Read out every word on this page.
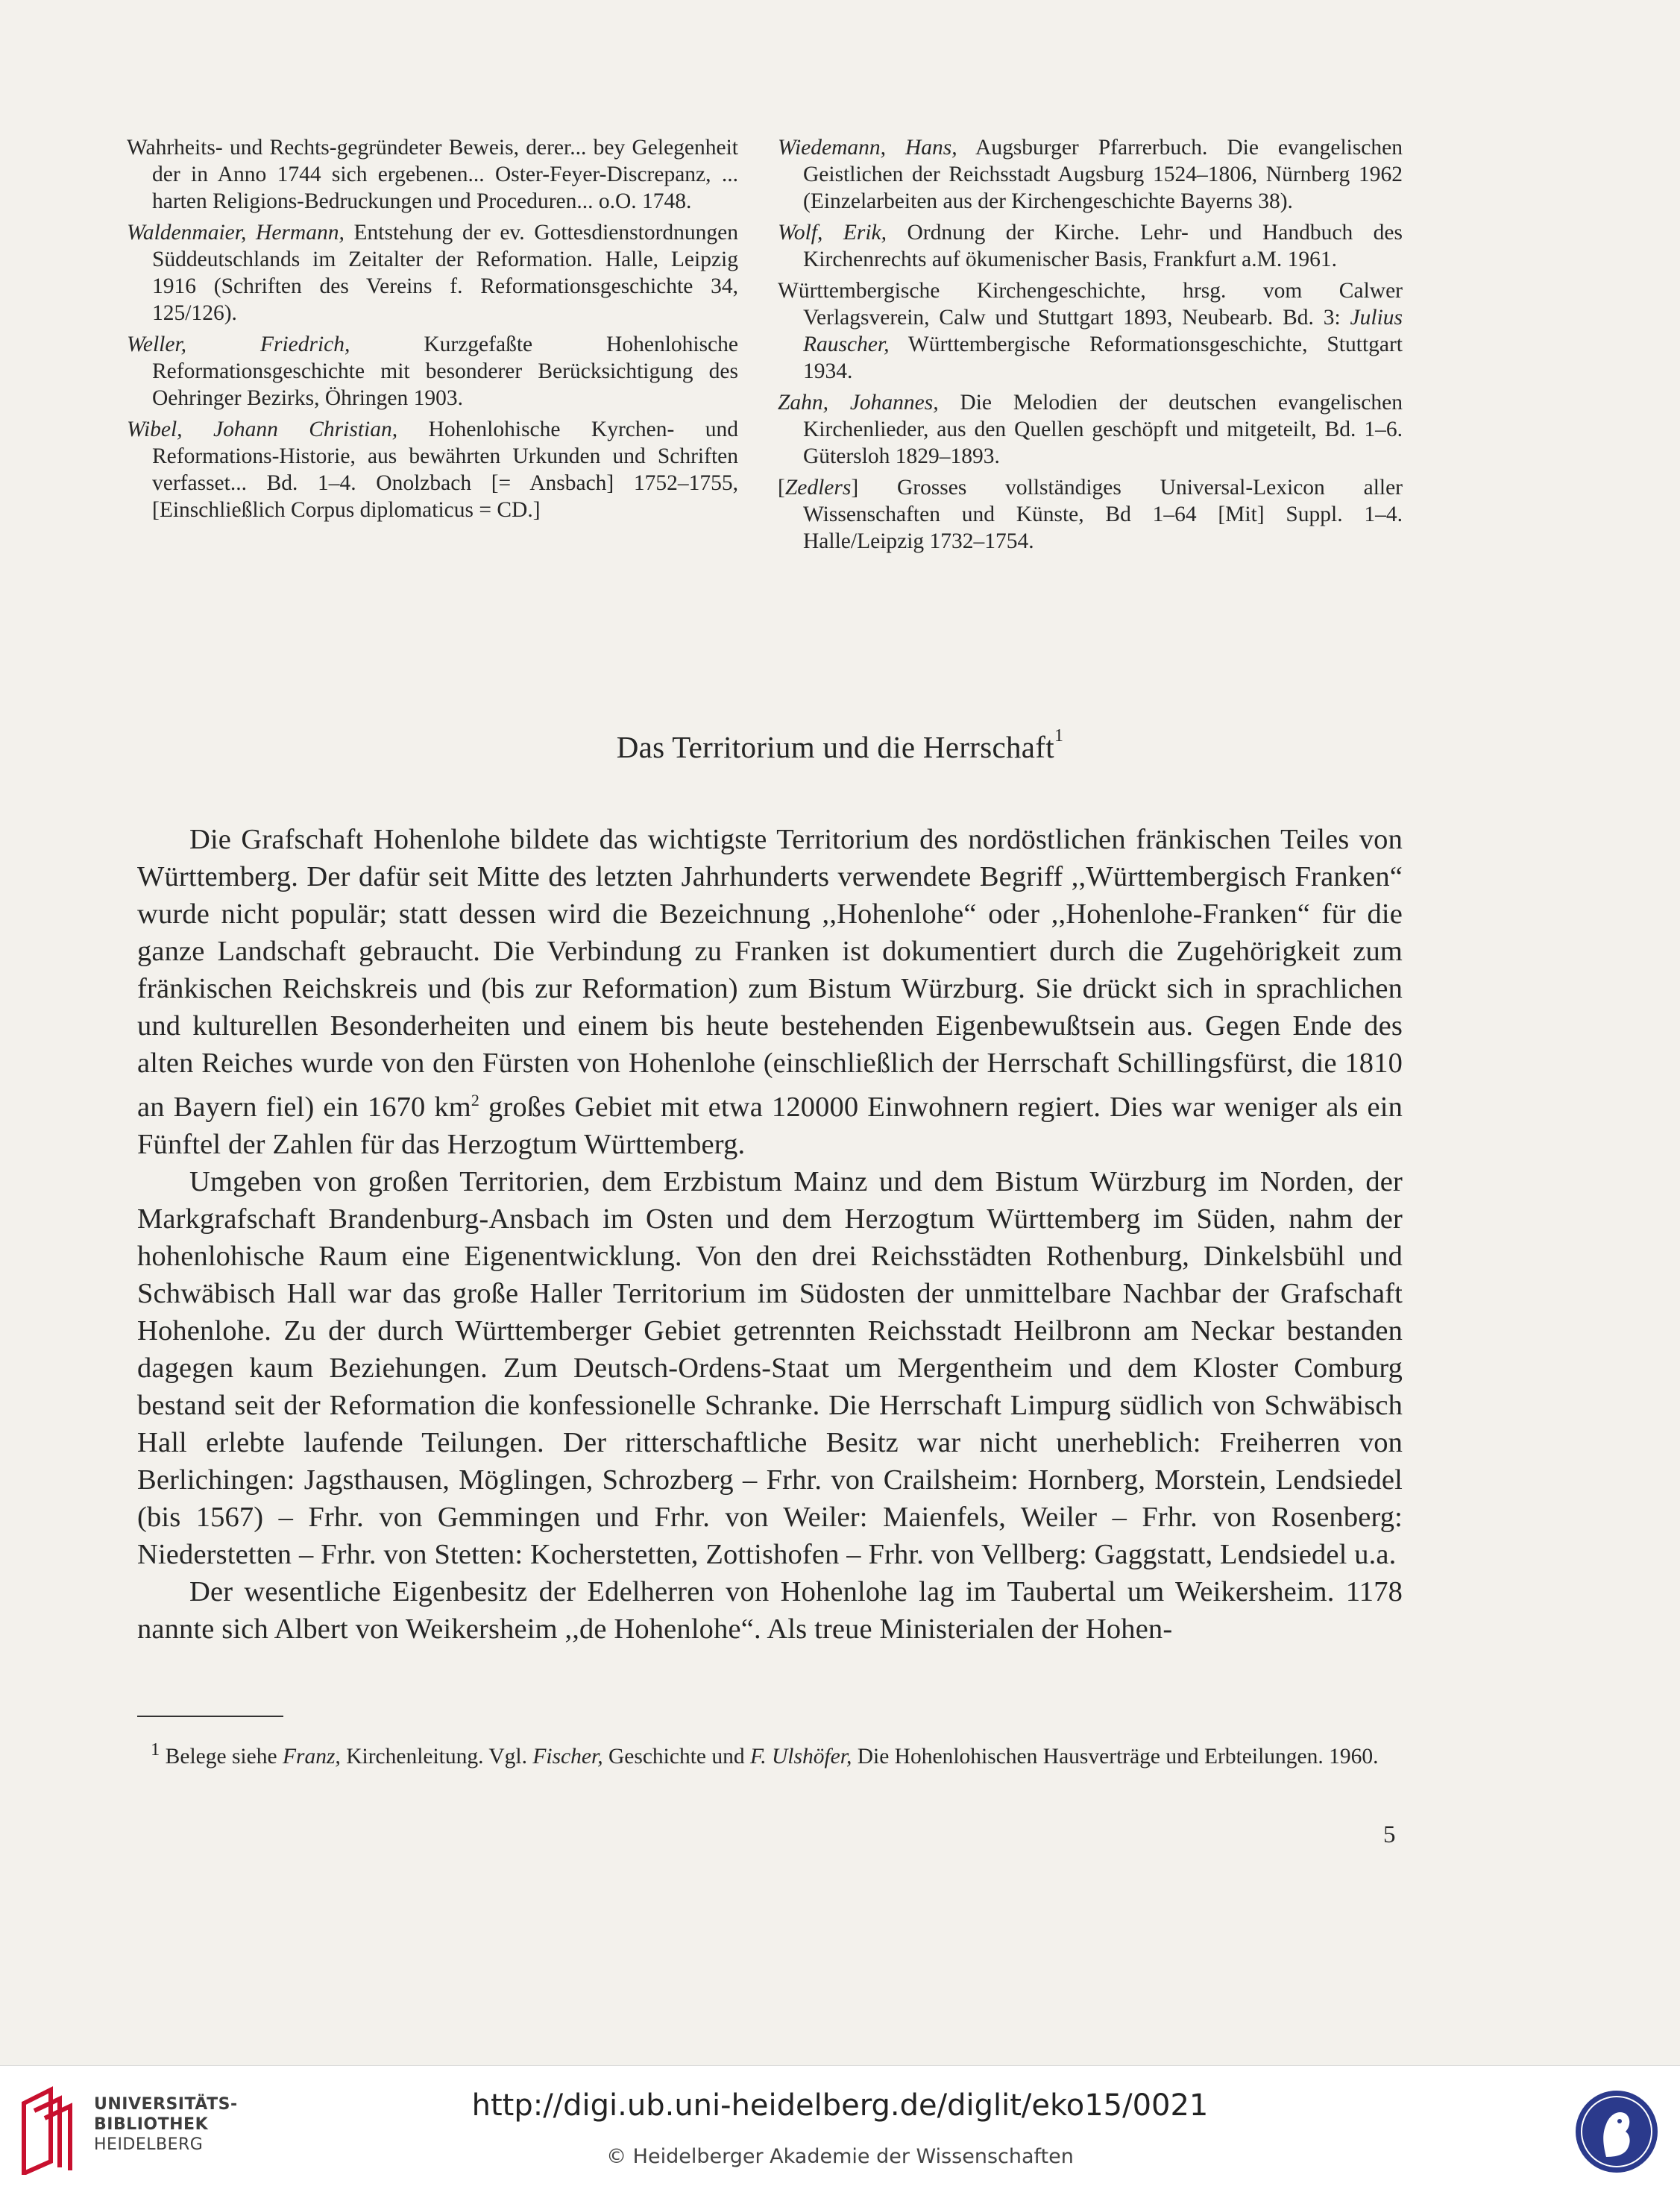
Wahrheits- und Rechts-gegründeter Beweis, derer... bey Gelegenheit der in Anno 1744 sich ergebenen... Oster-Feyer-Discrepanz, ... harten Religions-Bedruckungen und Proceduren... o.O. 1748.

Waldenmaier, Hermann, Entstehung der ev. Gottesdienstordnungen Süddeutschlands im Zeitalter der Reformation. Halle, Leipzig 1916 (Schriften des Vereins f. Reformationsgeschichte 34, 125/126).

Weller, Friedrich, Kurzgefaßte Hohenlohische Reformationsgeschichte mit besonderer Berücksichtigung des Oehringer Bezirks, Öhringen 1903.

Wibel, Johann Christian, Hohenlohische Kyrchen- und Reformations-Historie, aus bewährten Urkunden und Schriften verfasset... Bd. 1–4. Onolzbach [= Ansbach] 1752–1755, [Einschließlich Corpus diplomaticus = CD.]

Wiedemann, Hans, Augsburger Pfarrerbuch. Die evangelischen Geistlichen der Reichsstadt Augsburg 1524–1806, Nürnberg 1962 (Einzelarbeiten aus der Kirchengeschichte Bayerns 38).

Wolf, Erik, Ordnung der Kirche. Lehr- und Handbuch des Kirchenrechts auf ökumenischer Basis, Frankfurt a.M. 1961.

Württembergische Kirchengeschichte, hrsg. vom Calwer Verlagsverein, Calw und Stuttgart 1893, Neubearb. Bd. 3: Julius Rauscher, Württembergische Reformationsgeschichte, Stuttgart 1934.

Zahn, Johannes, Die Melodien der deutschen evangelischen Kirchenlieder, aus den Quellen geschöpft und mitgeteilt, Bd. 1–6. Gütersloh 1829–1893.

[Zedlers] Grosses vollständiges Universal-Lexicon aller Wissenschaften und Künste, Bd 1–64 [Mit] Suppl. 1–4. Halle/Leipzig 1732–1754.

Das Territorium und die Herrschaft$^1$

Die Grafschaft Hohenlohe bildete das wichtigste Territorium des nordöstlichen fränkischen Teiles von Württemberg. Der dafür seit Mitte des letzten Jahrhunderts verwendete Begriff ,,Württembergisch Franken“ wurde nicht populär; statt dessen wird die Bezeichnung ,,Hohenlohe“ oder ,,Hohenlohe-Franken“ für die ganze Landschaft gebraucht. Die Verbindung zu Franken ist dokumentiert durch die Zugehörigkeit zum fränkischen Reichskreis und (bis zur Reformation) zum Bistum Würzburg. Sie drückt sich in sprachlichen und kulturellen Besonderheiten und einem bis heute bestehenden Eigenbewußtsein aus. Gegen Ende des alten Reiches wurde von den Fürsten von Hohenlohe (einschließlich der Herrschaft Schillingsfürst, die 1810 an Bayern fiel) ein 1670 $km^2$ großes Gebiet mit etwa 120000 Einwohnern regiert. Dies war weniger als ein Fünftel der Zahlen für das Herzogtum Württemberg.

Umgeben von großen Territorien, dem Erzbistum Mainz und dem Bistum Würzburg im Norden, der Markgrafschaft Brandenburg-Ansbach im Osten und dem Herzogtum Württemberg im Süden, nahm der hohenlohische Raum eine Eigenentwicklung. Von den drei Reichsstädten Rothenburg, Dinkelsbühl und Schwäbisch Hall war das große Haller Territorium im Südosten der unmittelbare Nachbar der Grafschaft Hohenlohe. Zu der durch Württemberger Gebiet getrennten Reichsstadt Heilbronn am Neckar bestanden dagegen kaum Beziehungen. Zum Deutsch-Ordens-Staat um Mergentheim und dem Kloster Comburg bestand seit der Reformation die konfessionelle Schranke. Die Herrschaft Limpurg südlich von Schwäbisch Hall erlebte laufende Teilungen. Der ritterschaftliche Besitz war nicht unerheblich: Freiherren von Berlichingen: Jagsthausen, Möglingen, Schrozberg – Frhr. von Crailsheim: Hornberg, Morstein, Lendsiedel (bis 1567) – Frhr. von Gemmingen und Frhr. von Weiler: Maienfels, Weiler – Frhr. von Rosenberg: Niederstetten – Frhr. von Stetten: Kocherstetten, Zottishofen – Frhr. von Vellberg: Gaggstatt, Lendsiedel u.a.

Der wesentliche Eigenbesitz der Edelherren von Hohenlohe lag im Taubertal um Weikersheim. 1178 nannte sich Albert von Weikersheim ,,de Hohenlohe“. Als treue Ministerialen der Hohen-

$^1$ Belege siehe Franz, Kirchenleitung. Vgl. Fischer, Geschichte und F. Ulshöfer, Die Hohenlohischen Hausverträge und Erbteilungen. 1960.

5
UNIVERSITÄTS-
BIBLIOTHEK
HEIDELBERG
http://digi.ub.uni-heidelberg.de/diglit/eko15/0021
© Heidelberger Akademie der Wissenschaften
